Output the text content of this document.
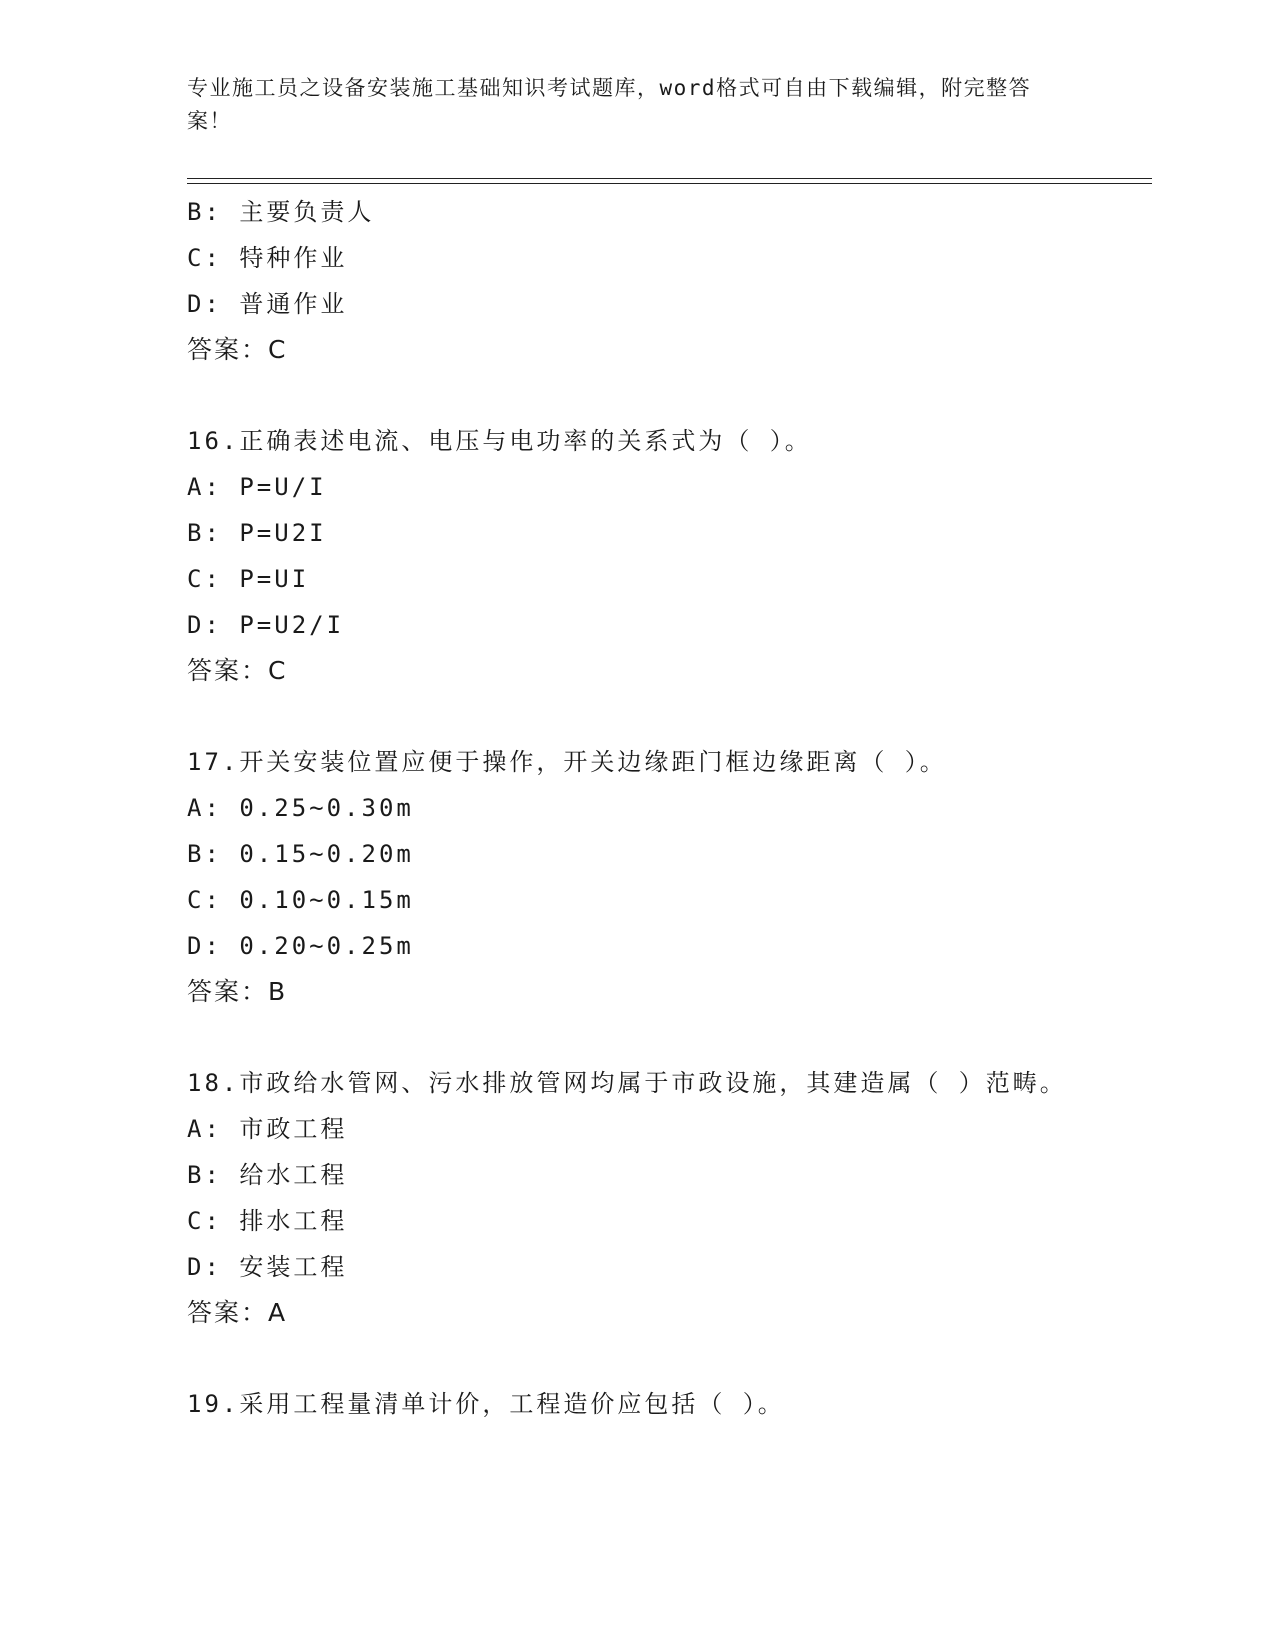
专业施工员之设备安装施工基础知识考试题库，word格式可自由下载编辑，附完整答案！
B: 主要负责人
C: 特种作业
D: 普通作业
答案：C
16.正确表述电流、电压与电功率的关系式为（ ）。
A: P=U/I
B: P=U2I
C: P=UI
D: P=U2/I
答案：C
17.开关安装位置应便于操作，开关边缘距门框边缘距离（ ）。
A: 0.25~0.30m
B: 0.15~0.20m
C: 0.10~0.15m
D: 0.20~0.25m
答案：B
18.市政给水管网、污水排放管网均属于市政设施，其建造属（ ）范畴。
A: 市政工程
B: 给水工程
C: 排水工程
D: 安装工程
答案：A
19.采用工程量清单计价，工程造价应包括（ ）。
